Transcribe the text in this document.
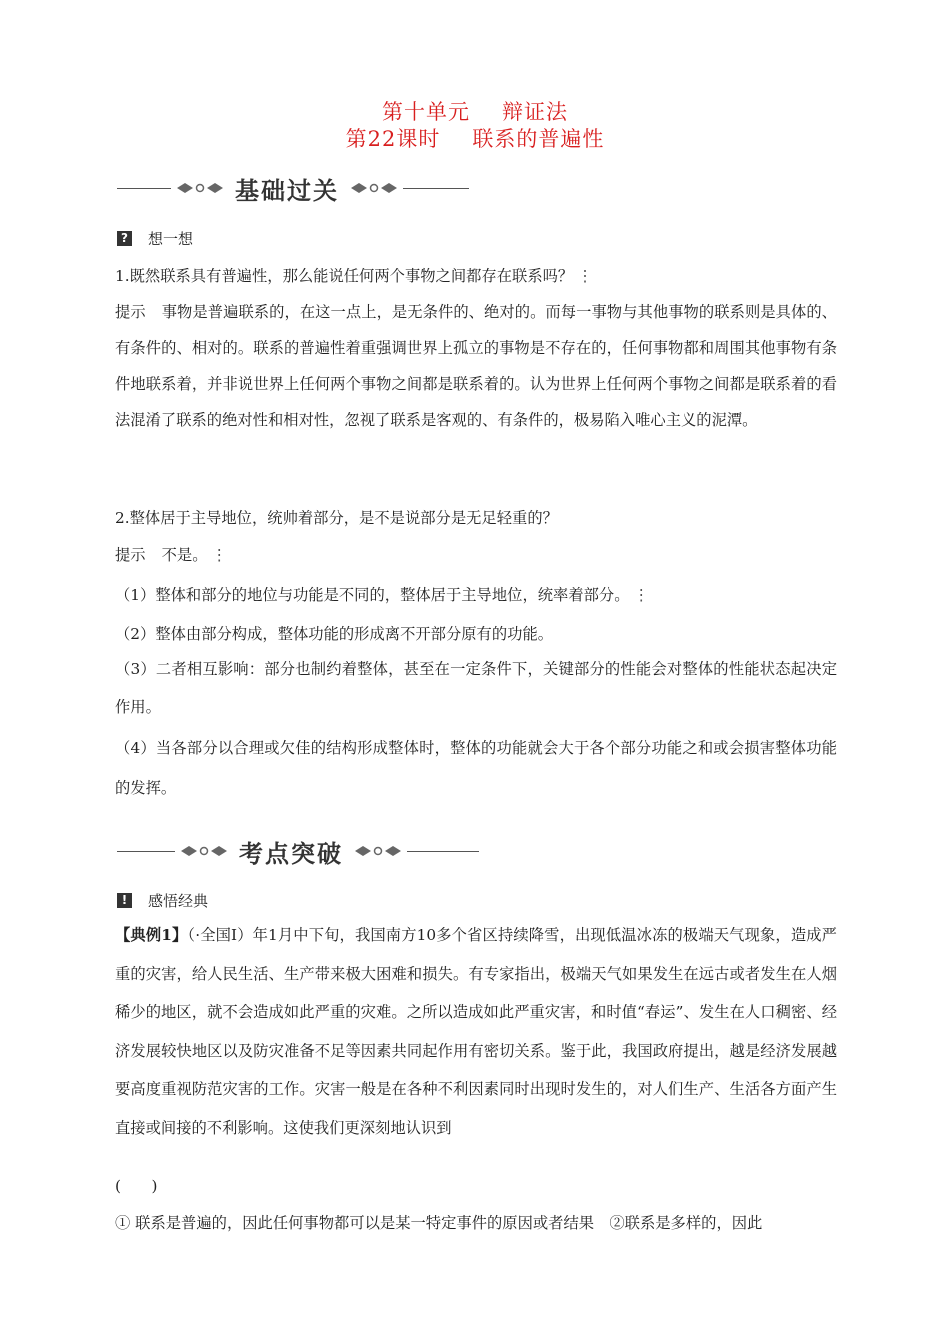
第十单元 辩证法
第22课时 联系的普遍性
基础过关
? 想一想
1.既然联系具有普遍性，那么能说任何两个事物之间都存在联系吗？ ⋮
提示 事物是普遍联系的，在这一点上，是无条件的、绝对的。而每一事物与其他事物的联系则是具体的、有条件的、相对的。联系的普遍性着重强调世界上孤立的事物是不存在的，任何事物都和周围其他事物有条件地联系着，并非说世界上任何两个事物之间都是联系着的。认为世界上任何两个事物之间都是联系着的看法混淆了联系的绝对性和相对性，忽视了联系是客观的、有条件的，极易陷入唯心主义的泥潭。
2.整体居于主导地位，统帅着部分，是不是说部分是无足轻重的？
提示 不是。 ⋮
（1）整体和部分的地位与功能是不同的，整体居于主导地位，统率着部分。 ⋮
（2）整体由部分构成，整体功能的形成离不开部分原有的功能。
（3）二者相互影响：部分也制约着整体，甚至在一定条件下，关键部分的性能会对整体的性能状态起决定作用。
（4）当各部分以合理或欠佳的结构形成整体时，整体的功能就会大于各个部分功能之和或会损害整体功能的发挥。
考点突破
!	感悟经典
【典例1】（·全国Ⅰ）年1月中下旬，我国南方10多个省区持续降雪，出现低温冰冻的极端天气现象，造成严重的灾害，给人民生活、生产带来极大困难和损失。有专家指出，极端天气如果发生在远古或者发生在人烟稀少的地区，就不会造成如此严重的灾难。之所以造成如此严重灾害，和时值“春运”、发生在人口稠密、经济发展较快地区以及防灾准备不足等因素共同起作用有密切关系。鉴于此，我国政府提出，越是经济发展越要高度重视防范灾害的工作。灾害一般是在各种不利因素同时出现时发生的，对人们生产、生活各方面产生直接或间接的不利影响。这使我们更深刻地认识到
(　　)
① 联系是普遍的，因此任何事物都可以是某一特定事件的原因或者结果　②联系是多样的，因此
